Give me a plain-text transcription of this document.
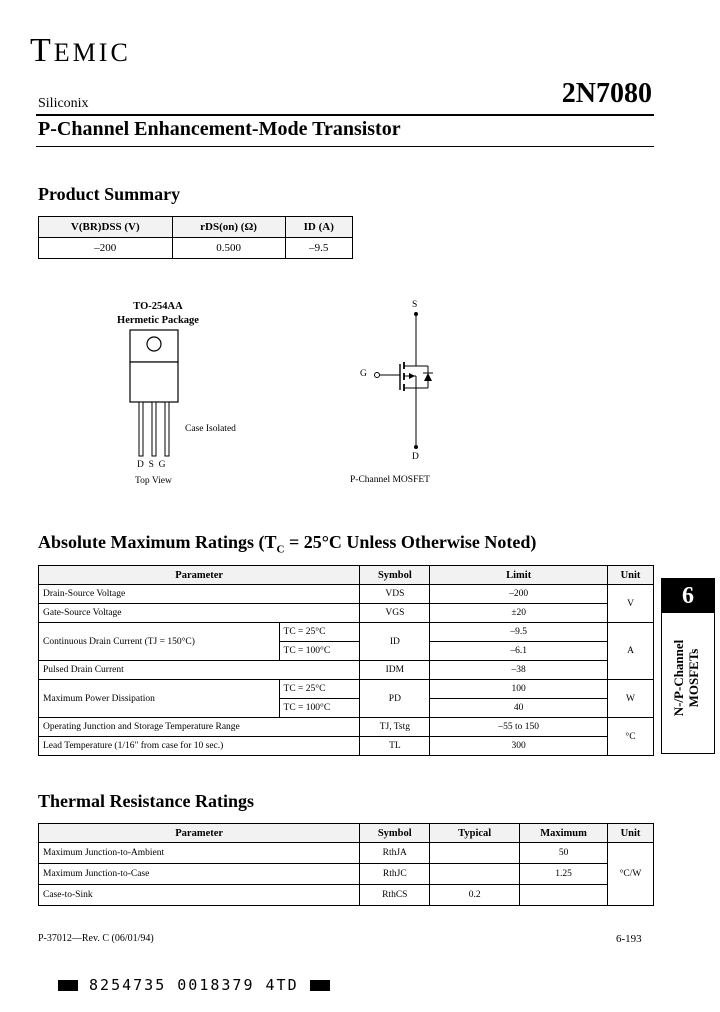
TEMIC
Siliconix	2N7080
P-Channel Enhancement-Mode Transistor
Product Summary
V(BR)DSS (V)	rDS(on) (Ω)	ID (A)
–200	0.500	–9.5
TO-254AA
Hermetic Package
Case Isolated
D  S  G
Top View
S
G
D
P-Channel MOSFET
Absolute Maximum Ratings ($T_C = 25^\circ C$ Unless Otherwise Noted)
Parameter		Symbol	Limit	Unit
Drain-Source Voltage		VDS	–200	V
Gate-Source Voltage		VGS	±20	
Continuous Drain Current (TJ = 150°C)	TC = 25°C	ID	–9.5	A
	TC = 100°C		–6.1	
Pulsed Drain Current		IDM	–38	
Maximum Power Dissipation	TC = 25°C	PD	100	W
	TC = 100°C		40	
Operating Junction and Storage Temperature Range		TJ, Tstg	–55 to 150	°C
Lead Temperature (1/16" from case for 10 sec.)		TL	300	
6
N-/P-Channel MOSFETs
Thermal Resistance Ratings
Parameter	Symbol	Typical	Maximum	Unit
Maximum Junction-to-Ambient	RthJA		50	°C/W
Maximum Junction-to-Case	RthJC		1.25	
Case-to-Sink	RthCS	0.2		
P-37012—Rev. C (06/01/94)	6-193
8254735 0018379 4TD
